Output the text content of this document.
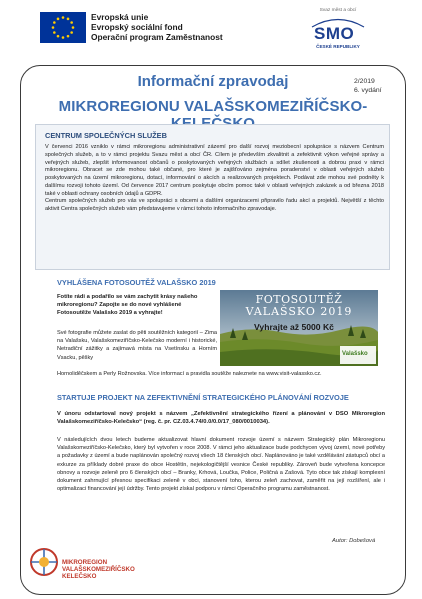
Evropská unie
Evropský sociální fond
Operační program Zaměstnanost
Svaz měst a obcí
SMO
ČESKÉ REPUBLIKY
Informační zpravodaj
MIKROREGIONU VALAŠSKOMEZIŘÍČSKO-
2/2019
6. vydání
CENTRUM SPOLEČNÝCH SLUŽEB

V červenci 2016 vzniklo v rámci mikroregionu administrativní zázemí pro další rozvoj meziobecní spolupráce s názvem Centrum společných služeb, a to v rámci projektu Svazu měst a obcí ČR. Cílem je především zkvalitnit a zefektivnit výkon veřejné správy a veřejných služeb, zlepšit informovanost občanů o poskytovaných veřejných službách a sdílet zkušenosti a dobrou praxi v rámci mikroregionu. Obracet se zde mohou také občané, pro které je zajišťováno zejména poradenství v oblasti veřejných služeb poskytovaných na území mikroregionu, dotací, informování o akcích a realizovaných projektech. Podávat zde mohou své podněty k dalšímu rozvoji tohoto území. Od července 2017 centrum poskytuje obcím pomoc také v oblasti veřejných zakázek a od března 2018 také v oblasti ochrany osobních údajů a GDPR.

Centrum společných služeb pro vás ve spolupráci s obcemi a dalšími organizacemi připravilo řadu akcí a projektů. Největší z těchto aktivit Centra společných služeb vám představujeme v rámci tohoto informačního zpravodaje.

VYHLÁŠENA FOTOSOUTĚŽ VALAŠSKO 2019
Fotíte rádi a podařilo se vám zachytit krásy našeho mikroregionu? Zapojte se do nové vyhlášené Fotosoutěže Valašsko 2019 a vyhrajte!
Své fotografie můžete zaslat do pěti soutěžních kategorií – Zima na Valašsku, Valašskomeziříčsko-Kelečsko moderní i historické, Netradiční zážitky a zajímavá místa na Vsetínsku a Horním Vsacku, pěšky
Hornoliděčskem a Perly Rožnovska. Více informací a pravidla soutěže naleznete na www.visit-valassko.cz.
FOTOSOUTĚŽ
VALAŠSKO 2019
Vyhrajte až 5000 Kč
Valašsko
STARTUJE PROJEKT NA ZEFEKTIVNĚNÍ STRATEGICKÉHO PLÁNOVÁNÍ ROZVOJE
V únoru odstartoval nový projekt s názvem „Zefektivnění strategického řízení a plánování v DSO Mikroregion Valašskomeziříčsko-Kelečsko“ (reg. č. pr. CZ.03.4.74/0.0/0.0/17_080/0010034).
V následujících dvou letech budeme aktualizovat hlavní dokument rozvoje území s názvem Strategický plán Mikroregionu Valašskomeziříčsko-Kelečsko, který byl vytvořen v roce 2008. V rámci jeho aktualizace bude podchycen vývoj území, nové potřeby a požadavky z území a bude naplánován společný rozvoj všech 18 členských obcí. Naplánováno je také vzdělávání zástupců obcí a exkurze za příklady dobré praxe do obce Hostětín, nejekologičtější vesnice České republiky. Zároveň bude vytvořena koncepce obnovy a rozvoje zeleně pro 6 členských obcí – Branky, Krhová, Loučka, Police, Poličná a Zašová. Tyto obce tak získají komplexní dokument zahrnující přesnou specifikaci zeleně v obci, stanovení toho, kterou zeleň zachovat, zaměřit na její rozšíření, ale i optimalizaci financování její údržby. Tento projekt získal podporu v rámci Operačního programu zaměstnanost.
Autor: Dobešová
MIKROREGION
VALAŠSKOMEZIŘÍČSKO
KELEČSKO
